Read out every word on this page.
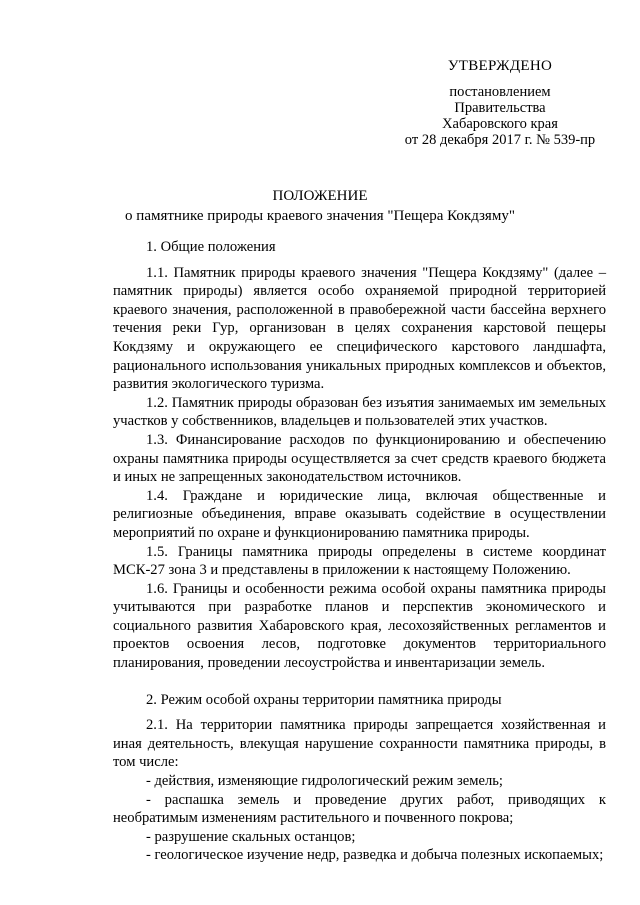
УТВЕРЖДЕНО
постановлением
Правительства
Хабаровского края
от 28 декабря 2017 г. № 539-пр
ПОЛОЖЕНИЕ
о памятнике природы краевого значения "Пещера Кокдзяму"

1. Общие положения

1.1. Памятник природы краевого значения "Пещера Кокдзяму" (далее – памятник природы) является особо охраняемой природной территорией краевого значения, расположенной в правобережной части бассейна верхнего течения реки Гур, организован в целях сохранения карстовой пещеры Кокдзяму и окружающего ее специфического карстового ландшафта, рационального использования уникальных природных комплексов и объектов, развития экологического туризма.

1.2. Памятник природы образован без изъятия занимаемых им земельных участков у собственников, владельцев и пользователей этих участков.

1.3. Финансирование расходов по функционированию и обеспечению охраны памятника природы осуществляется за счет средств краевого бюджета и иных не запрещенных законодательством источников.

1.4. Граждане и юридические лица, включая общественные и религиозные объединения, вправе оказывать содействие в осуществлении мероприятий по охране и функционированию памятника природы.

1.5. Границы памятника природы определены в системе координат МСК-27 зона 3 и представлены в приложении к настоящему Положению.

1.6. Границы и особенности режима особой охраны памятника природы учитываются при разработке планов и перспектив экономического и социального развития Хабаровского края, лесохозяйственных регламентов и проектов освоения лесов, подготовке документов территориального планирования, проведении лесоустройства и инвентаризации земель.

2. Режим особой охраны территории памятника природы

2.1. На территории памятника природы запрещается хозяйственная и иная деятельность, влекущая нарушение сохранности памятника природы, в том числе:

- действия, изменяющие гидрологический режим земель;

- распашка земель и проведение других работ, приводящих к необратимым изменениям растительного и почвенного покрова;

- разрушение скальных останцов;

- геологическое изучение недр, разведка и добыча полезных ископаемых;
